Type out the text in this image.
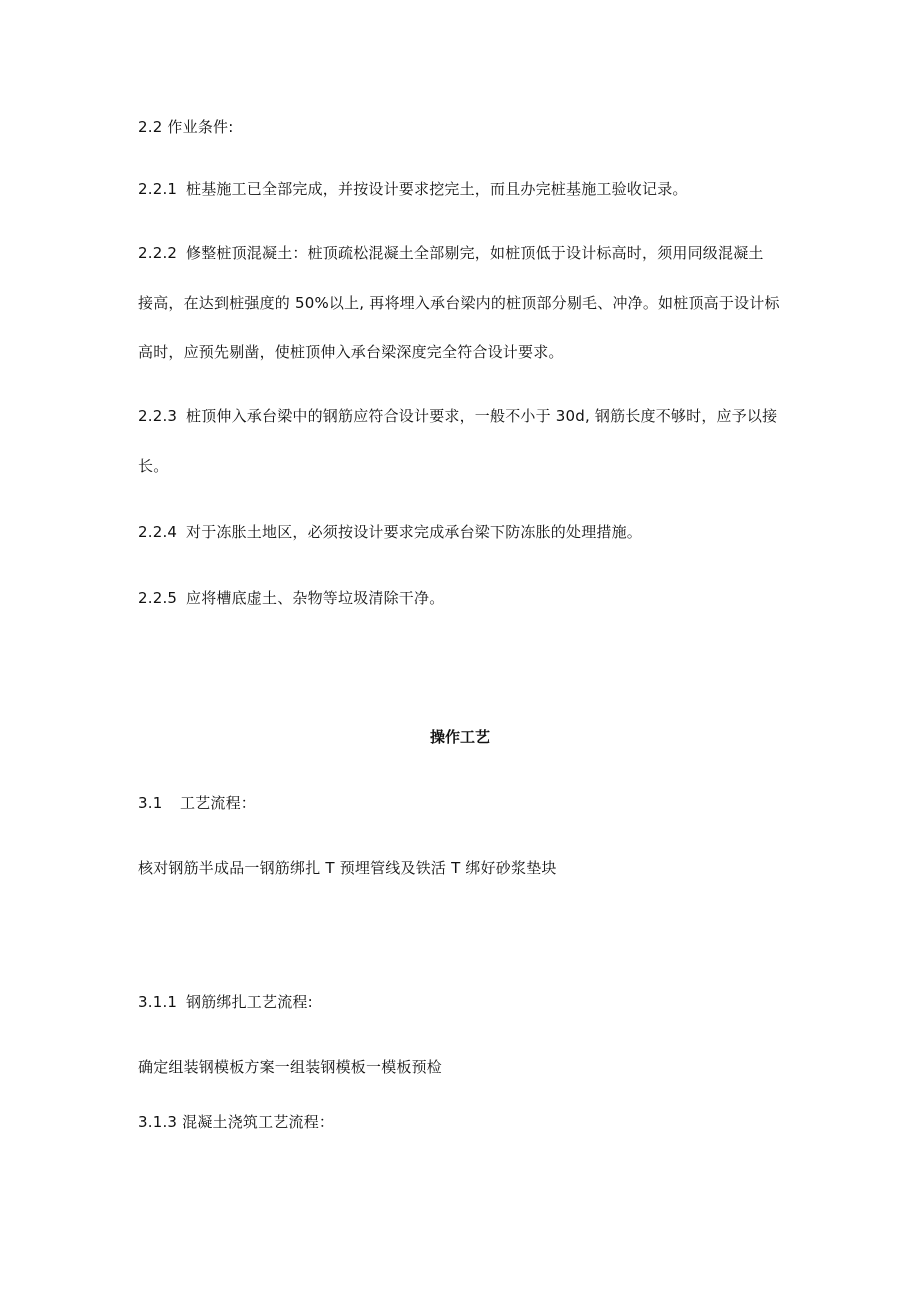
2.2 作业条件:
2.2.1 桩基施工已全部完成，并按设计要求挖完土，而且办完桩基施工验收记录。
2.2.2 修整桩顶混凝土：桩顶疏松混凝土全部剔完，如桩顶低于设计标高时，须用同级混凝土
接高，在达到桩强度的 50%以上, 再将埋入承台梁内的桩顶部分剔毛、冲净。如桩顶高于设计标
高时，应预先剔凿，使桩顶伸入承台梁深度完全符合设计要求。
2.2.3 桩顶伸入承台梁中的钢筋应符合设计要求，一般不小于 30d, 钢筋长度不够时，应予以接
长。
2.2.4 对于冻胀土地区，必须按设计要求完成承台梁下防冻胀的处理措施。
2.2.5 应将槽底虚土、杂物等垃圾清除干净。
操作工艺
3.1 工艺流程：
核对钢筋半成品一钢筋绑扎 T 预埋管线及铁活 T 绑好砂浆垫块
3.1.1 钢筋绑扎工艺流程:
确定组装钢模板方案一组装钢模板一模板预检
3.1.3 混凝土浇筑工艺流程：
